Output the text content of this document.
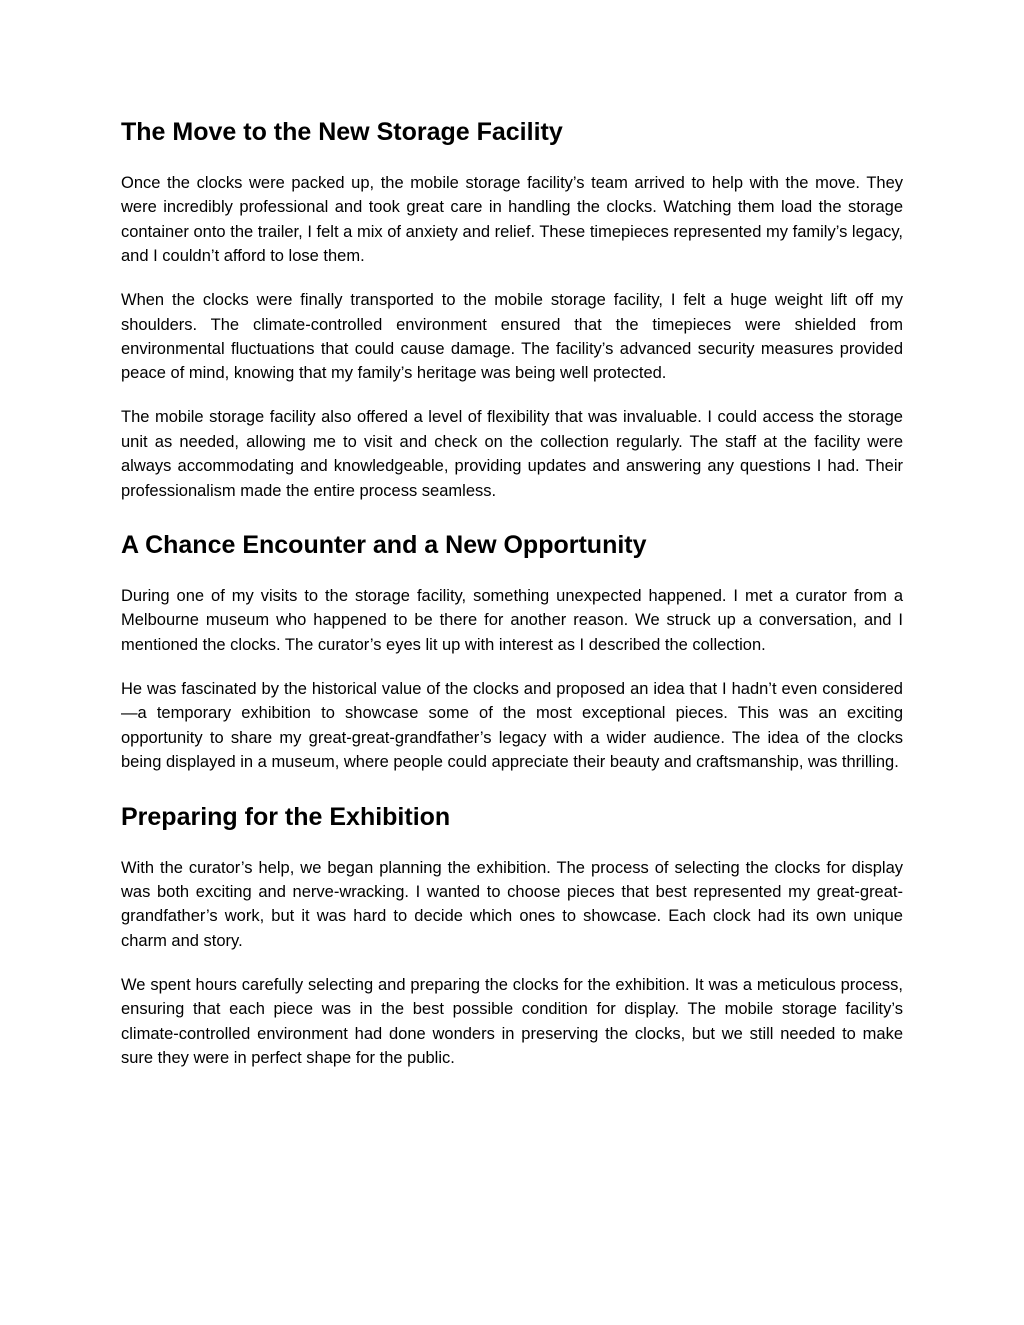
The Move to the New Storage Facility

Once the clocks were packed up, the mobile storage facility’s team arrived to help with the move. They were incredibly professional and took great care in handling the clocks. Watching them load the storage container onto the trailer, I felt a mix of anxiety and relief. These timepieces represented my family’s legacy, and I couldn’t afford to lose them.

When the clocks were finally transported to the mobile storage facility, I felt a huge weight lift off my shoulders. The climate-controlled environment ensured that the timepieces were shielded from environmental fluctuations that could cause damage. The facility’s advanced security measures provided peace of mind, knowing that my family’s heritage was being well protected.

The mobile storage facility also offered a level of flexibility that was invaluable. I could access the storage unit as needed, allowing me to visit and check on the collection regularly. The staff at the facility were always accommodating and knowledgeable, providing updates and answering any questions I had. Their professionalism made the entire process seamless.

A Chance Encounter and a New Opportunity

During one of my visits to the storage facility, something unexpected happened. I met a curator from a Melbourne museum who happened to be there for another reason. We struck up a conversation, and I mentioned the clocks. The curator’s eyes lit up with interest as I described the collection.

He was fascinated by the historical value of the clocks and proposed an idea that I hadn’t even considered—a temporary exhibition to showcase some of the most exceptional pieces. This was an exciting opportunity to share my great-great-grandfather’s legacy with a wider audience. The idea of the clocks being displayed in a museum, where people could appreciate their beauty and craftsmanship, was thrilling.

Preparing for the Exhibition

With the curator’s help, we began planning the exhibition. The process of selecting the clocks for display was both exciting and nerve-wracking. I wanted to choose pieces that best represented my great-great-grandfather’s work, but it was hard to decide which ones to showcase. Each clock had its own unique charm and story.

We spent hours carefully selecting and preparing the clocks for the exhibition. It was a meticulous process, ensuring that each piece was in the best possible condition for display. The mobile storage facility’s climate-controlled environment had done wonders in preserving the clocks, but we still needed to make sure they were in perfect shape for the public.
